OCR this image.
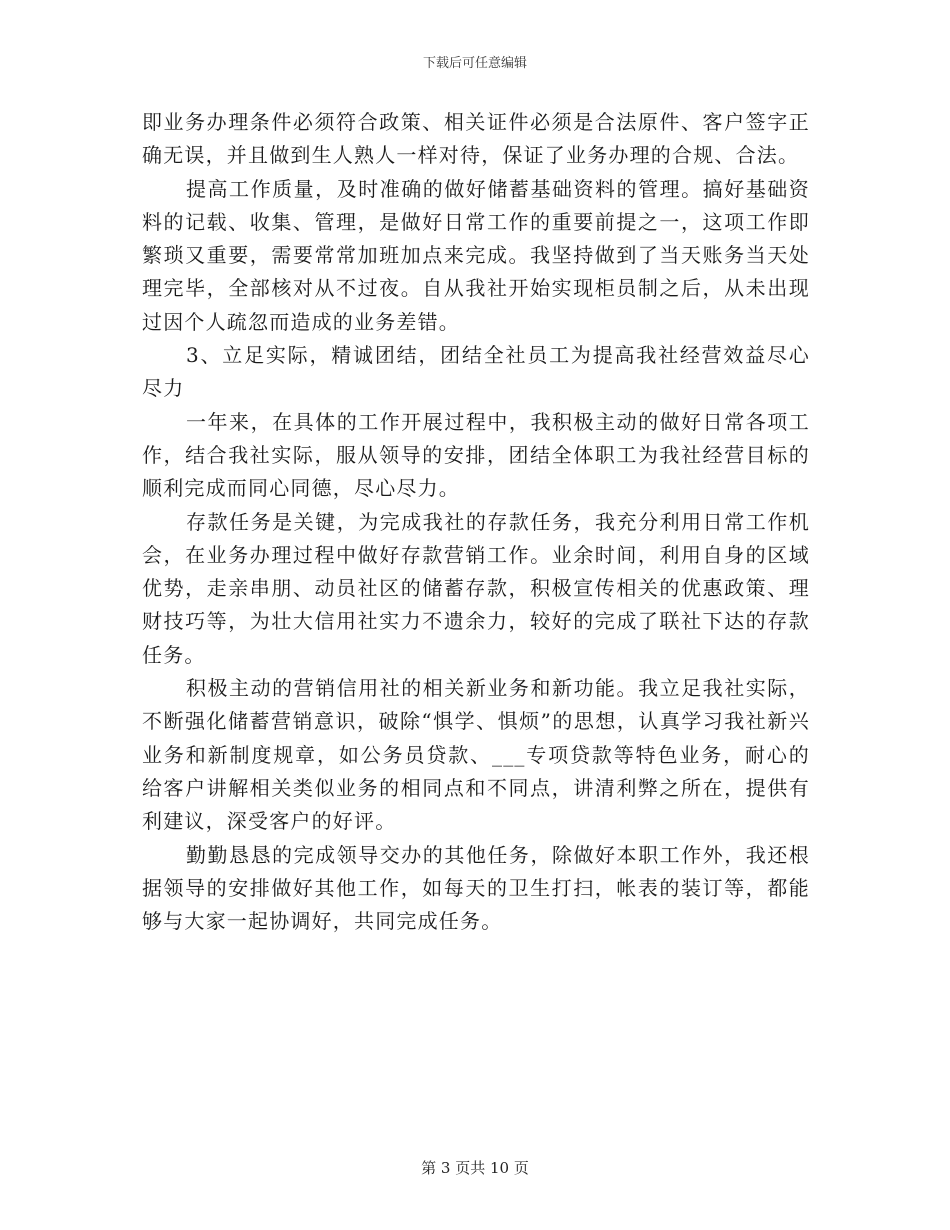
下载后可任意编辑

即业务办理条件必须符合政策、相关证件必须是合法原件、客户签字正确无误，并且做到生人熟人一样对待，保证了业务办理的合规、合法。

提高工作质量，及时准确的做好储蓄基础资料的管理。搞好基础资料的记载、收集、管理，是做好日常工作的重要前提之一，这项工作即繁琐又重要，需要常常加班加点来完成。我坚持做到了当天账务当天处理完毕，全部核对从不过夜。自从我社开始实现柜员制之后，从未出现过因个人疏忽而造成的业务差错。

3、立足实际，精诚团结，团结全社员工为提高我社经营效益尽心尽力

一年来，在具体的工作开展过程中，我积极主动的做好日常各项工作，结合我社实际，服从领导的安排，团结全体职工为我社经营目标的顺利完成而同心同德，尽心尽力。

存款任务是关键，为完成我社的存款任务，我充分利用日常工作机会，在业务办理过程中做好存款营销工作。业余时间，利用自身的区域优势，走亲串朋、动员社区的储蓄存款，积极宣传相关的优惠政策、理财技巧等，为壮大信用社实力不遗余力，较好的完成了联社下达的存款任务。

积极主动的营销信用社的相关新业务和新功能。我立足我社实际，不断强化储蓄营销意识，破除“惧学、惧烦”的思想，认真学习我社新兴业务和新制度规章，如公务员贷款、___专项贷款等特色业务，耐心的给客户讲解相关类似业务的相同点和不同点，讲清利弊之所在，提供有利建议，深受客户的好评。

勤勤恳恳的完成领导交办的其他任务，除做好本职工作外，我还根据领导的安排做好其他工作，如每天的卫生打扫，帐表的装订等，都能够与大家一起协调好，共同完成任务。

第 3 页共 10 页
